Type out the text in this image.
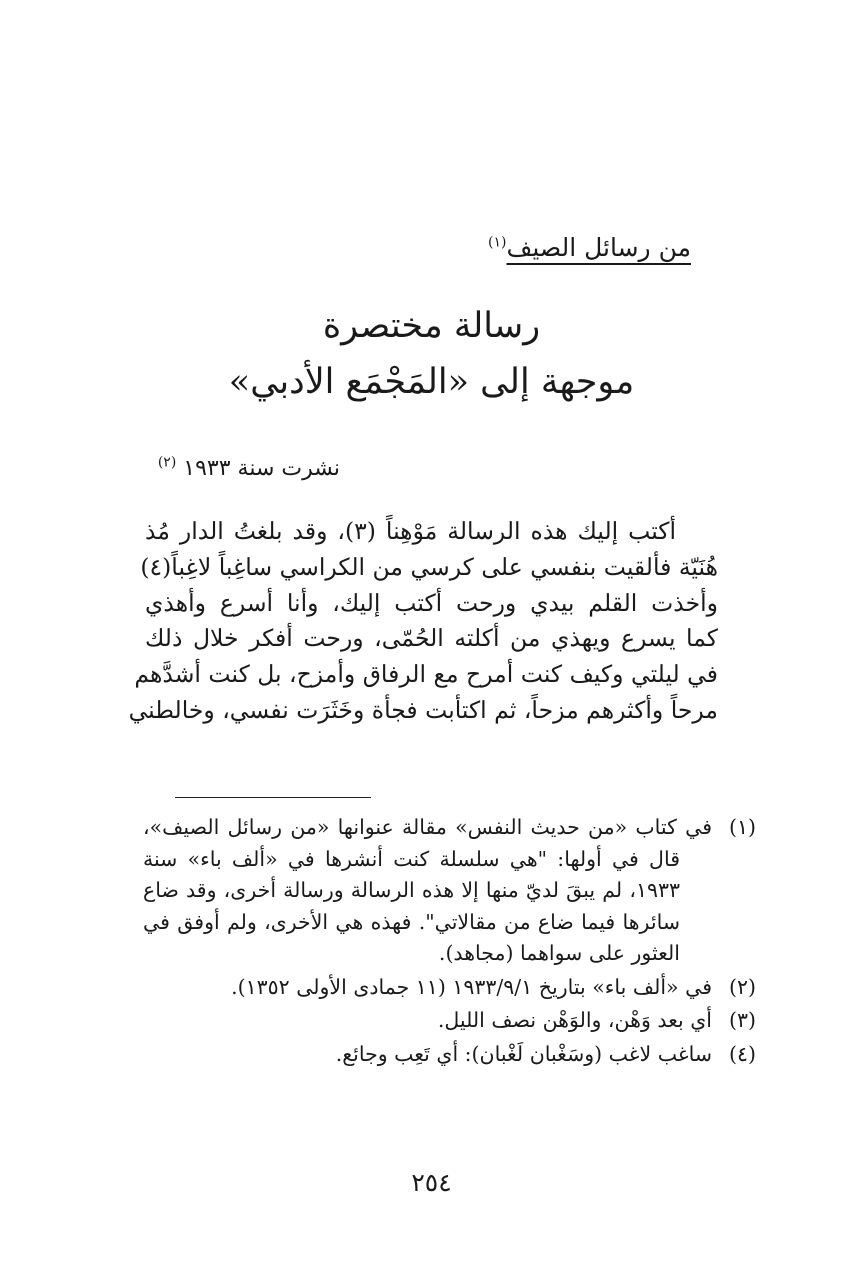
من رسائل الصيف$^{(١)}$
رسالة مختصرة
موجهة إلى «المَجْمَع الأدبي»
نشرت سنة ١٩٣٣ $^{(٢)}$
أكتب إليك هذه الرسالة مَوْهِناً (٣)، وقد بلغتُ الدار مُذ
هُنَيّة فألقيت بنفسي على كرسي من الكراسي ساغِباً لاغِباً(٤)
وأخذت القلم بيدي ورحت أكتب إليك، وأنا أسرع وأهذي
كما يسرع ويهذي من أكلته الحُمّى، ورحت أفكر خلال ذلك
في ليلتي وكيف كنت أمرح مع الرفاق وأمزح، بل كنت أشدَّهم
مرحاً وأكثرهم مزحاً، ثم اكتأبت فجأة وخَثَرَت نفسي، وخالطني
(١)في كتاب «من حديث النفس» مقالة عنوانها «من رسائل الصيف»، قال في أولها: "هي سلسلة كنت أنشرها في «ألف باء» سنة ١٩٣٣، لم يبقَ لديّ منها إلا هذه الرسالة ورسالة أخرى، وقد ضاع سائرها فيما ضاع من مقالاتي". فهذه هي الأخرى، ولم أوفق في العثور على سواهما (مجاهد).
(٢)في «ألف باء» بتاريخ ١٩٣٣/٩/١ (١١ جمادى الأولى ١٣٥٢).
(٣)أي بعد وَهْن، والوَهْن نصف الليل.
(٤)ساغب لاغب (وسَغْبان لَغْبان): أي تَعِب وجائع.
٢٥٤
